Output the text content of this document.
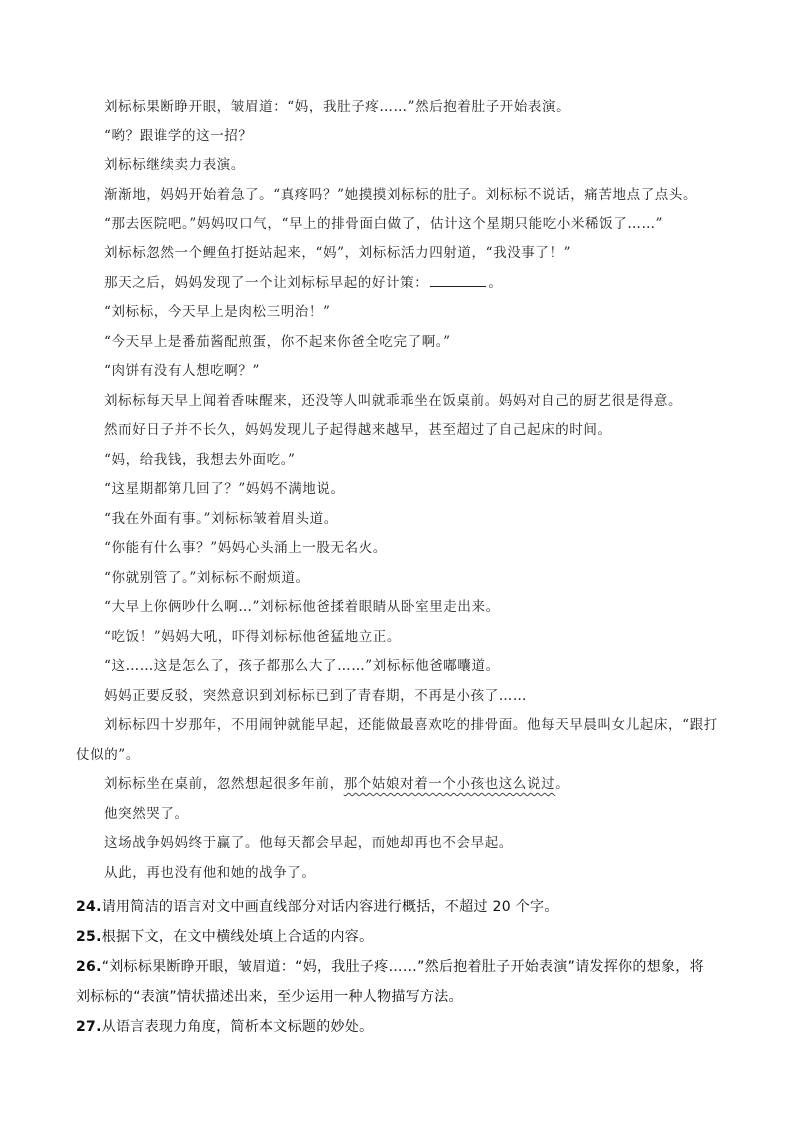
刘标标果断睁开眼，皱眉道：“妈，我肚子疼……”然后抱着肚子开始表演。
“哟？跟谁学的这一招？
刘标标继续卖力表演。
渐渐地，妈妈开始着急了。“真疼吗？”她摸摸刘标标的肚子。刘标标不说话，痛苦地点了点头。
“那去医院吧。”妈妈叹口气，“早上的排骨面白做了，估计这个星期只能吃小米稀饭了……”
刘标标忽然一个鲤鱼打挺站起来，“妈”，刘标标活力四射道，“我没事了！”
那天之后，妈妈发现了一个让刘标标早起的好计策：	。
“刘标标，今天早上是肉松三明治！”
“今天早上是番茄酱配煎蛋，你不起来你爸全吃完了啊。”
“肉饼有没有人想吃啊？”
刘标标每天早上闻着香味醒来，还没等人叫就乖乖坐在饭桌前。妈妈对自己的厨艺很是得意。
然而好日子并不长久，妈妈发现儿子起得越来越早，甚至超过了自己起床的时间。
“妈，给我钱，我想去外面吃。”
“这星期都第几回了？”妈妈不满地说。
“我在外面有事。”刘标标皱着眉头道。
“你能有什么事？”妈妈心头涌上一股无名火。
“你就别管了。”刘标标不耐烦道。
“大早上你俩吵什么啊…”刘标标他爸揉着眼睛从卧室里走出来。
“吃饭！”妈妈大吼，吓得刘标标他爸猛地立正。
“这……这是怎么了，孩子都那么大了……”刘标标他爸嘟囔道。
妈妈正要反驳，突然意识到刘标标已到了青春期，不再是小孩了……
刘标标四十岁那年，不用闹钟就能早起，还能做最喜欢吃的排骨面。他每天早晨叫女儿起床，“跟打
仗似的”。
刘标标坐在桌前，忽然想起很多年前，那个姑娘对着一个小孩也这么说过。
他突然哭了。
这场战争妈妈终于赢了。他每天都会早起，而她却再也不会早起。
从此，再也没有他和她的战争了。
24.请用简洁的语言对文中画直线部分对话内容进行概括，不超过 20 个字。
25.根据下文，在文中横线处填上合适的内容。
26.“刘标标果断睁开眼，皱眉道：“妈，我肚子疼……”然后抱着肚子开始表演”请发挥你的想象，将
刘标标的“表演”情状描述出来，至少运用一种人物描写方法。
27.从语言表现力角度，简析本文标题的妙处。
